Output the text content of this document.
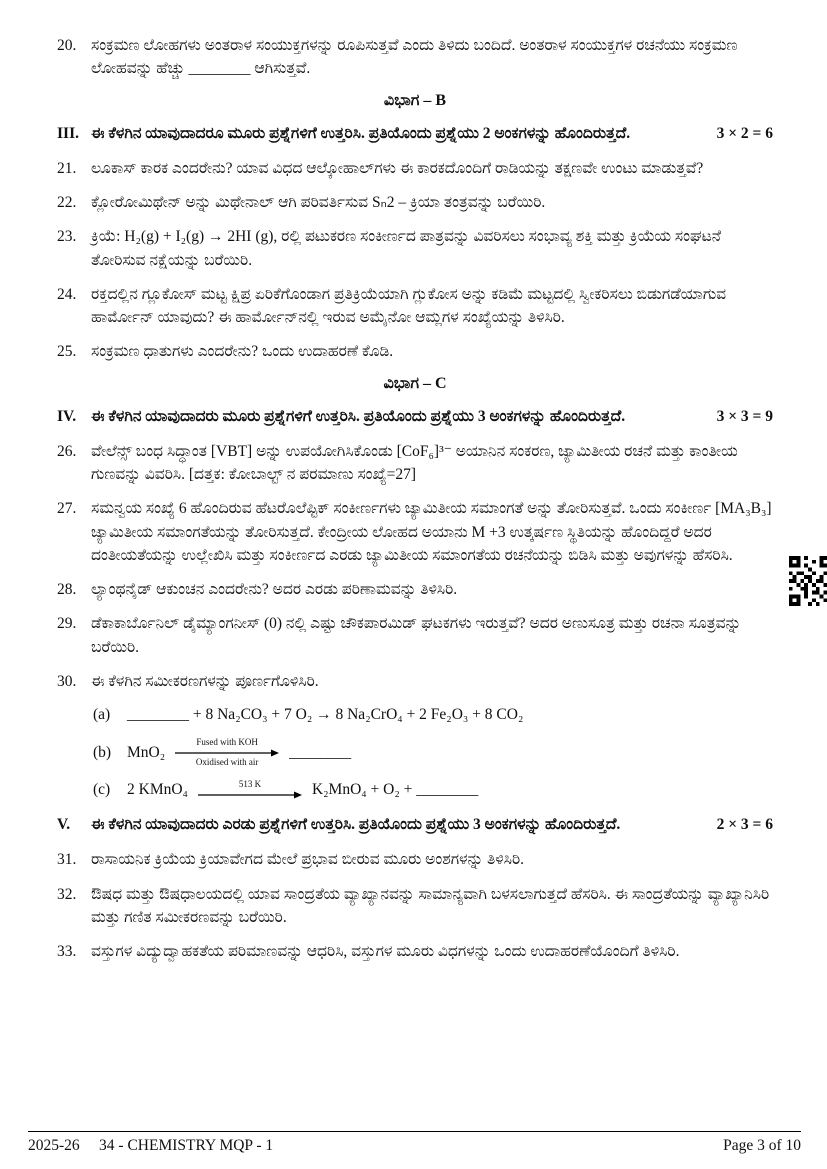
20. ಸಂಕ್ರಮಣ ಲೋಹಗಳು ಅಂತರಾಳ ಸಂಯುಕ್ತಗಳನ್ನು ರೂಪಿಸುತ್ತವೆ ಎಂದು ತಿಳಿದು ಬಂದಿದೆ. ಅಂತರಾಳ ಸಂಯುಕ್ತಗಳ ರಚನೆಯು ಸಂಕ್ರಮಣ ಲೋಹವನ್ನು ಹೆಚ್ಚು ________ ಆಗಿಸುತ್ತವೆ.
ವಿಭಾಗ – B
III. ಈ ಕೆಳಗಿನ ಯಾವುದಾದರೂ ಮೂರು ಪ್ರಶ್ನೆಗಳಿಗೆ ಉತ್ತರಿಸಿ. ಪ್ರತಿಯೊಂದು ಪ್ರಶ್ನೆಯು 2 ಅಂಕಗಳನ್ನು ಹೊಂದಿರುತ್ತದೆ.	3 × 2 = 6
21. ಲೂಕಾಸ್ ಕಾರಕ ಎಂದರೇನು? ಯಾವ ವಿಧದ ಆಲ್ಕೋಹಾಲ್‌ಗಳು ಈ ಕಾರಕದೊಂದಿಗೆ ರಾಡಿಯನ್ನು ತಕ್ಷಣವೇ ಉಂಟು ಮಾಡುತ್ತವೆ?
22. ಕ್ಲೋರೋಮಿಥೇನ್ ಅನ್ನು ಮಿಥೇನಾಲ್ ಆಗಿ ಪರಿವರ್ತಿಸುವ Sₙ2 – ಕ್ರಿಯಾ ತಂತ್ರವನ್ನು ಬರೆಯಿರಿ.
23. ಕ್ರಿಯೆ: H₂(g) + I₂(g) → 2HI (g), ರಲ್ಲಿ ಪಟುಕರಣ ಸಂಕೀರ್ಣದ ಪಾತ್ರವನ್ನು ವಿವರಿಸಲು ಸಂಭಾವ್ಯ ಶಕ್ತಿ ಮತ್ತು ಕ್ರಿಯೆಯ ಸಂಘಟನೆ ತೋರಿಸುವ ನಕ್ಷೆಯನ್ನು ಬರೆಯಿರಿ.
24. ರಕ್ತದಲ್ಲಿನ ಗ್ಲೂಕೋಸ್ ಮಟ್ಟ ಕ್ಷಿಪ್ರ ಏರಿಕೆಗೊಂಡಾಗ ಪ್ರತಿಕ್ರಿಯೆಯಾಗಿ ಗ್ಲುಕೋಸ ಅನ್ನು ಕಡಿಮೆ ಮಟ್ಟದಲ್ಲಿ ಸ್ವೀಕರಿಸಲು ಬಿಡುಗಡೆಯಾಗುವ ಹಾರ್ಮೋನ್ ಯಾವುದು? ಈ ಹಾರ್ಮೋನ್‌ನಲ್ಲಿ ಇರುವ ಅಮೈನೋ ಆಮ್ಲಗಳ ಸಂಖ್ಯೆಯನ್ನು ತಿಳಿಸಿರಿ.
25. ಸಂಕ್ರಮಣ ಧಾತುಗಳು ಎಂದರೇನು? ಒಂದು ಉದಾಹರಣೆ ಕೊಡಿ.
ವಿಭಾಗ – C
IV. ಈ ಕೆಳಗಿನ ಯಾವುದಾದರು ಮೂರು ಪ್ರಶ್ನೆಗಳಿಗೆ ಉತ್ತರಿಸಿ. ಪ್ರತಿಯೊಂದು ಪ್ರಶ್ನೆಯು 3 ಅಂಕಗಳನ್ನು ಹೊಂದಿರುತ್ತದೆ.	3 × 3 = 9
26. ವೇಲೆನ್ಸ್ ಬಂಧ ಸಿದ್ಧಾಂತ [VBT] ಅನ್ನು ಉಪಯೋಗಿಸಿಕೊಂಡು [CoF₆]³⁻ ಅಯಾನಿನ ಸಂಕರಣ, ಜ್ಯಾಮಿತೀಯ ರಚನೆ ಮತ್ತು ಕಾಂತೀಯ ಗುಣವನ್ನು ವಿವರಿಸಿ. [ದತ್ತಕ: ಕೋಬಾಲ್ಟ್ ನ ಪರಮಾಣು ಸಂಖ್ಯೆ=27]
27. ಸಮನ್ವಯ ಸಂಖ್ಯೆ 6 ಹೊಂದಿರುವ ಹೆಟರೊಲೆಪ್ಟಿಕ್ ಸಂಕೀರ್ಣಗಳು ಜ್ಯಾಮಿತೀಯ ಸಮಾಂಗತೆ ಅನ್ನು ತೋರಿಸುತ್ತವೆ. ಒಂದು ಸಂಕೀರ್ಣ [MA₃B₃] ಜ್ಯಾಮಿತೀಯ ಸಮಾಂಗತೆಯನ್ನು ತೋರಿಸುತ್ತದೆ. ಕೇಂದ್ರೀಯ ಲೋಹದ ಅಯಾನು M +3 ಉತ್ಕರ್ಷಣ ಸ್ಥಿತಿಯನ್ನು ಹೊಂದಿದ್ದರೆ ಅದರ ದಂತೀಯತೆಯನ್ನು ಉಲ್ಲೇಖಿಸಿ ಮತ್ತು ಸಂಕೀರ್ಣದ ಎರಡು ಜ್ಯಾಮಿತೀಯ ಸಮಾಂಗತೆಯ ರಚನೆಯನ್ನು ಬಿಡಿಸಿ ಮತ್ತು ಅವುಗಳನ್ನು ಹೆಸರಿಸಿ.
28. ಲ್ಯಾಂಥನೈಡ್ ಆಕುಂಚನ ಎಂದರೇನು? ಅದರ ಎರಡು ಪರಿಣಾಮವನ್ನು ತಿಳಿಸಿರಿ.
29. ಡೆಕಾಕಾರ್ಬೊನಿಲ್ ಡೈಮ್ಯಾಂಗನೀಸ್ (0) ನಲ್ಲಿ ಎಷ್ಟು ಚೌಕಪಾರಮಿಡ್ ಘಟಕಗಳು ಇರುತ್ತವೆ? ಅದರ ಅಣುಸೂತ್ರ ಮತ್ತು ರಚನಾ ಸೂತ್ರವನ್ನು ಬರೆಯಿರಿ.
30. ಈ ಕೆಳಗಿನ ಸಮೀಕರಣಗಳನ್ನು ಪೂರ್ಣಗೊಳಿಸಿರಿ.
(a)	________ + 8 Na₂CO₃ + 7 O₂ → 8 Na₂CrO₄ + 2 Fe₂O₃ + 8 CO₂
(b)	MnO₂
Fused with KOH
Oxidised with air
________
(c)	2 KMnO₄	513 K	K₂MnO₄ + O₂ + ________
V.	ಈ ಕೆಳಗಿನ ಯಾವುದಾದರು ಎರಡು ಪ್ರಶ್ನೆಗಳಿಗೆ ಉತ್ತರಿಸಿ. ಪ್ರತಿಯೊಂದು ಪ್ರಶ್ನೆಯು 3 ಅಂಕಗಳನ್ನು ಹೊಂದಿರುತ್ತದೆ.	2 × 3 = 6
31. ರಾಸಾಯನಿಕ ಕ್ರಿಯೆಯ ಕ್ರಿಯಾವೇಗದ ಮೇಲೆ ಪ್ರಭಾವ ಬೀರುವ ಮೂರು ಅಂಶಗಳನ್ನು ತಿಳಿಸಿರಿ.
32. ಔಷಧ ಮತ್ತು ಔಷಧಾಲಯದಲ್ಲಿ ಯಾವ ಸಾಂದ್ರತೆಯ ವ್ಯಾಖ್ಯಾನವನ್ನು ಸಾಮಾನ್ಯವಾಗಿ ಬಳಸಲಾಗುತ್ತದೆ ಹೆಸರಿಸಿ. ಈ ಸಾಂದ್ರತೆಯನ್ನು ವ್ಯಾಖ್ಯಾನಿಸಿರಿ ಮತ್ತು ಗಣಿತ ಸಮೀಕರಣವನ್ನು ಬರೆಯಿರಿ.
33. ವಸ್ತುಗಳ ವಿದ್ಯುದ್ವಾಹಕತೆಯ ಪರಿಮಾಣವನ್ನು ಆಧರಿಸಿ, ವಸ್ತುಗಳ ಮೂರು ವಿಧಗಳನ್ನು ಒಂದು ಉದಾಹರಣೆಯೊಂದಿಗೆ ತಿಳಿಸಿರಿ.
2025-26     34 - CHEMISTRY MQP - 1	Page 3 of 10
